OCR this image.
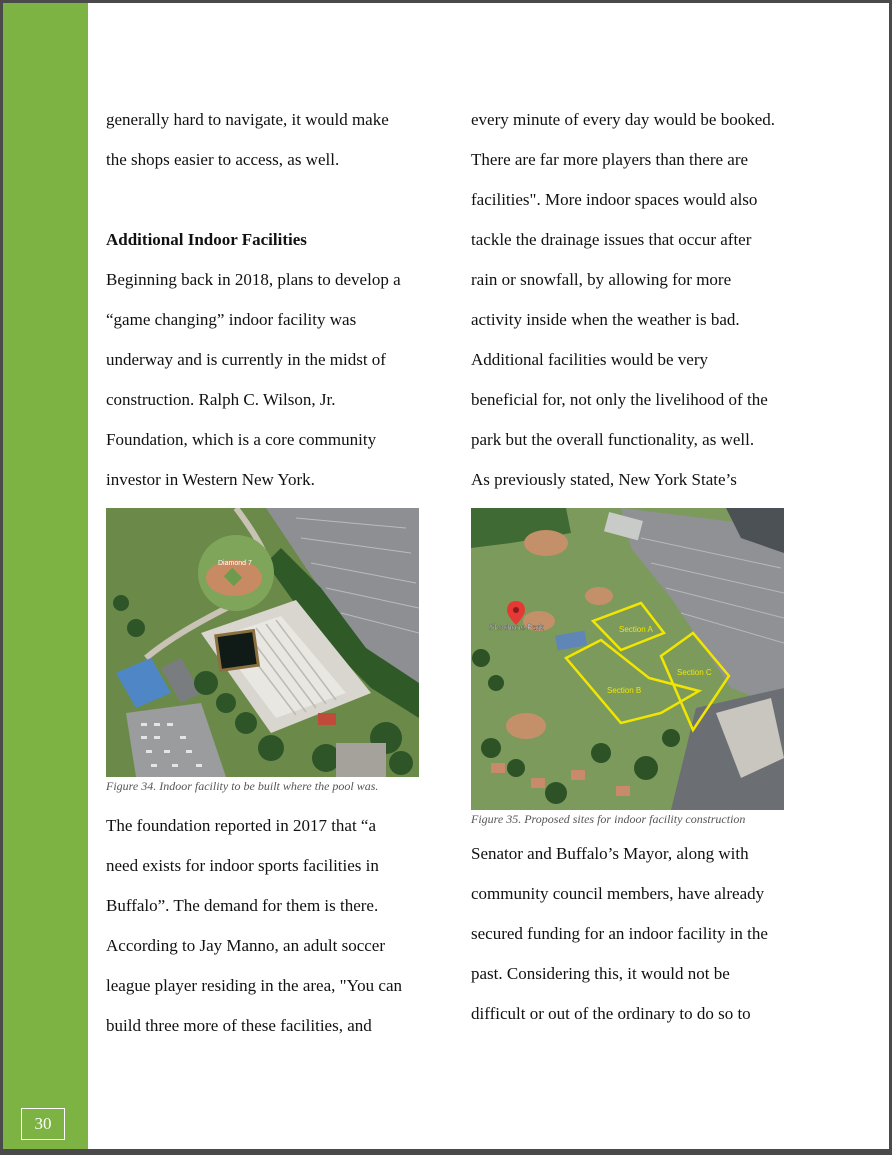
30
generally hard to navigate, it would make
the shops easier to access, as well.
Additional Indoor Facilities
Beginning back in 2018, plans to develop a
“game changing” indoor facility was
underway and is currently in the midst of
construction. Ralph C. Wilson, Jr.
Foundation, which is a core community
investor in Western New York.
Diamond 7
Figure 34. Indoor facility to be built where the pool was.
The foundation reported in 2017 that “a
need exists for indoor sports facilities in
Buffalo”. The demand for them is there.
According to Jay Manno, an adult soccer
league player residing in the area, "You can
build three more of these facilities, and
every minute of every day would be booked.
There are far more players than there are
facilities". More indoor spaces would also
tackle the drainage issues that occur after
rain or snowfall, by allowing for more
activity inside when the weather is bad.
Additional facilities would be very
beneficial for, not only the livelihood of the
park but the overall functionality, as well.
As previously stated, New York State’s
Section A
Section B
Section C
Shoshone Park
Figure 35. Proposed sites for indoor facility construction
Senator and Buffalo’s Mayor, along with
community council members, have already
secured funding for an indoor facility in the
past. Considering this, it would not be
difficult or out of the ordinary to do so to
